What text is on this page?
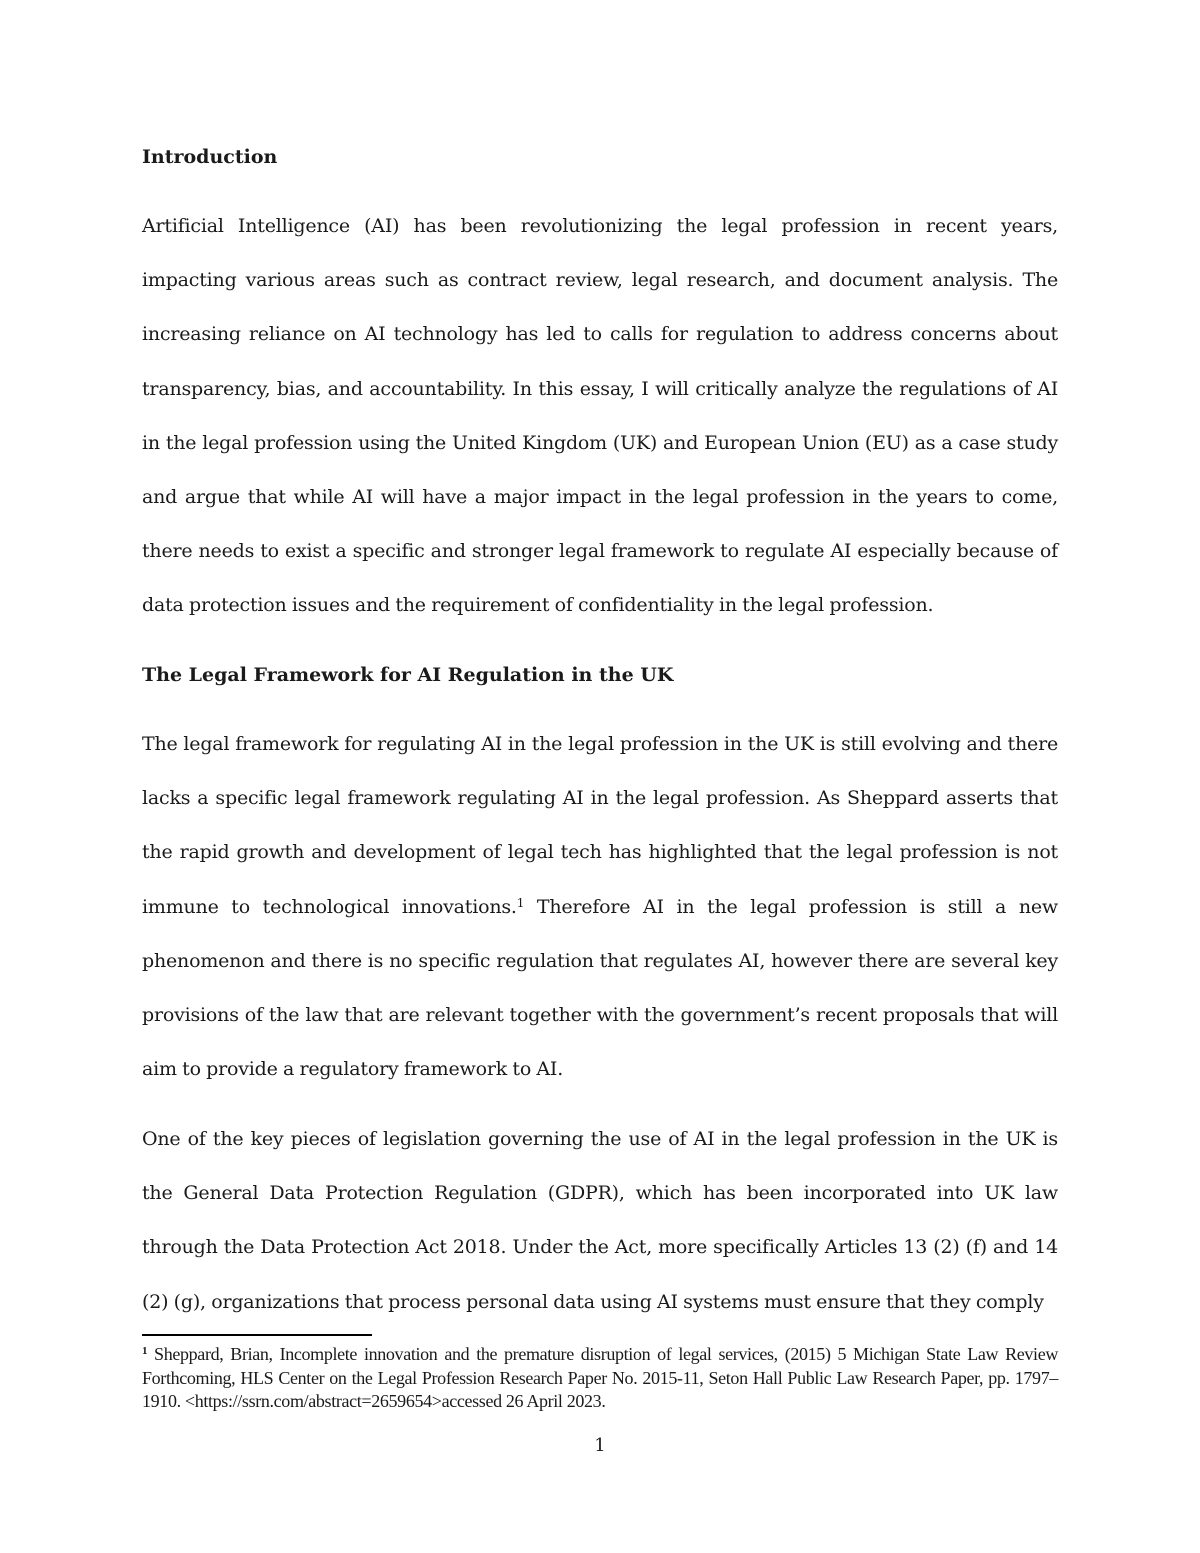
Introduction
Artificial Intelligence (AI) has been revolutionizing the legal profession in recent years, impacting various areas such as contract review, legal research, and document analysis. The increasing reliance on AI technology has led to calls for regulation to address concerns about transparency, bias, and accountability. In this essay, I will critically analyze the regulations of AI in the legal profession using the United Kingdom (UK) and European Union (EU) as a case study and argue that while AI will have a major impact in the legal profession in the years to come, there needs to exist a specific and stronger legal framework to regulate AI especially because of data protection issues and the requirement of confidentiality in the legal profession.
The Legal Framework for AI Regulation in the UK
The legal framework for regulating AI in the legal profession in the UK is still evolving and there lacks a specific legal framework regulating AI in the legal profession. As Sheppard asserts that the rapid growth and development of legal tech has highlighted that the legal profession is not immune to technological innovations.$^1$ Therefore AI in the legal profession is still a new phenomenon and there is no specific regulation that regulates AI, however there are several key provisions of the law that are relevant together with the government’s recent proposals that will aim to provide a regulatory framework to AI.
One of the key pieces of legislation governing the use of AI in the legal profession in the UK is the General Data Protection Regulation (GDPR), which has been incorporated into UK law through the Data Protection Act 2018. Under the Act, more specifically Articles 13 (2) (f) and 14 (2) (g), organizations that process personal data using AI systems must ensure that they comply
$^1$ Sheppard, Brian, Incomplete innovation and the premature disruption of legal services, (2015) 5 Michigan State Law Review Forthcoming, HLS Center on the Legal Profession Research Paper No. 2015-11, Seton Hall Public Law Research Paper, pp. 1797–1910. <https://ssrn.com/abstract=2659654>accessed 26 April 2023.
1
